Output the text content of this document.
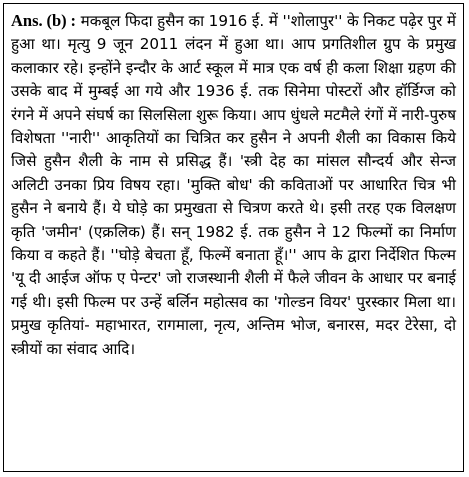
Ans. (b) : मकबूल फिदा हुसैन का 1916 ई. में ''शोलापुर'' के निकट पढ़ेर पुर में हुआ था। मृत्यु 9 जून 2011 लंदन में हुआ था। आप प्रगतिशील ग्रुप के प्रमुख कलाकार रहे। इन्होंने इन्दौर के आर्ट स्कूल में मात्र एक वर्ष ही कला शिक्षा ग्रहण की उसके बाद में मुम्बई आ गये और 1936 ई. तक सिनेमा पोस्टरों और हॉर्डिग्ज को रंगने में अपने संघर्ष का सिलसिला शुरू किया। आप धुंधले मटमैले रंगों में नारी-पुरुष विशेषता ''नारी'' आकृतियों का चित्रित कर हुसैन ने अपनी शैली का विकास किये जिसे हुसैन शैली के नाम से प्रसिद्ध हैं। 'स्त्री देह का मांसल सौन्दर्य और सेन्ज अलिटी उनका प्रिय विषय रहा। 'मुक्ति बोध' की कविताओं पर आधारित चित्र भी हुसैन ने बनाये हैं। ये घोड़े का प्रमुखता से चित्रण करते थे। इसी तरह एक विलक्षण कृति 'जमीन' (एक्रलिक) हैं। सन् 1982 ई. तक हुसैन ने 12 फिल्मों का निर्माण किया व कहते हैं। ''घोड़े बेचता हूँ, फिल्में बनाता हूँ।'' आप के द्वारा निर्देशित फिल्म 'यू दी आईज ऑफ ए पेन्टर' जो राजस्थानी शैली में फैले जीवन के आधार पर बनाई गई थी। इसी फिल्म पर उन्हें बर्लिन महोत्सव का 'गोल्डन वियर' पुरस्कार मिला था। प्रमुख कृतियां- महाभारत, रागमाला, नृत्य, अन्तिम भोज, बनारस, मदर टेरेसा, दो स्त्रीयों का संवाद आदि।
